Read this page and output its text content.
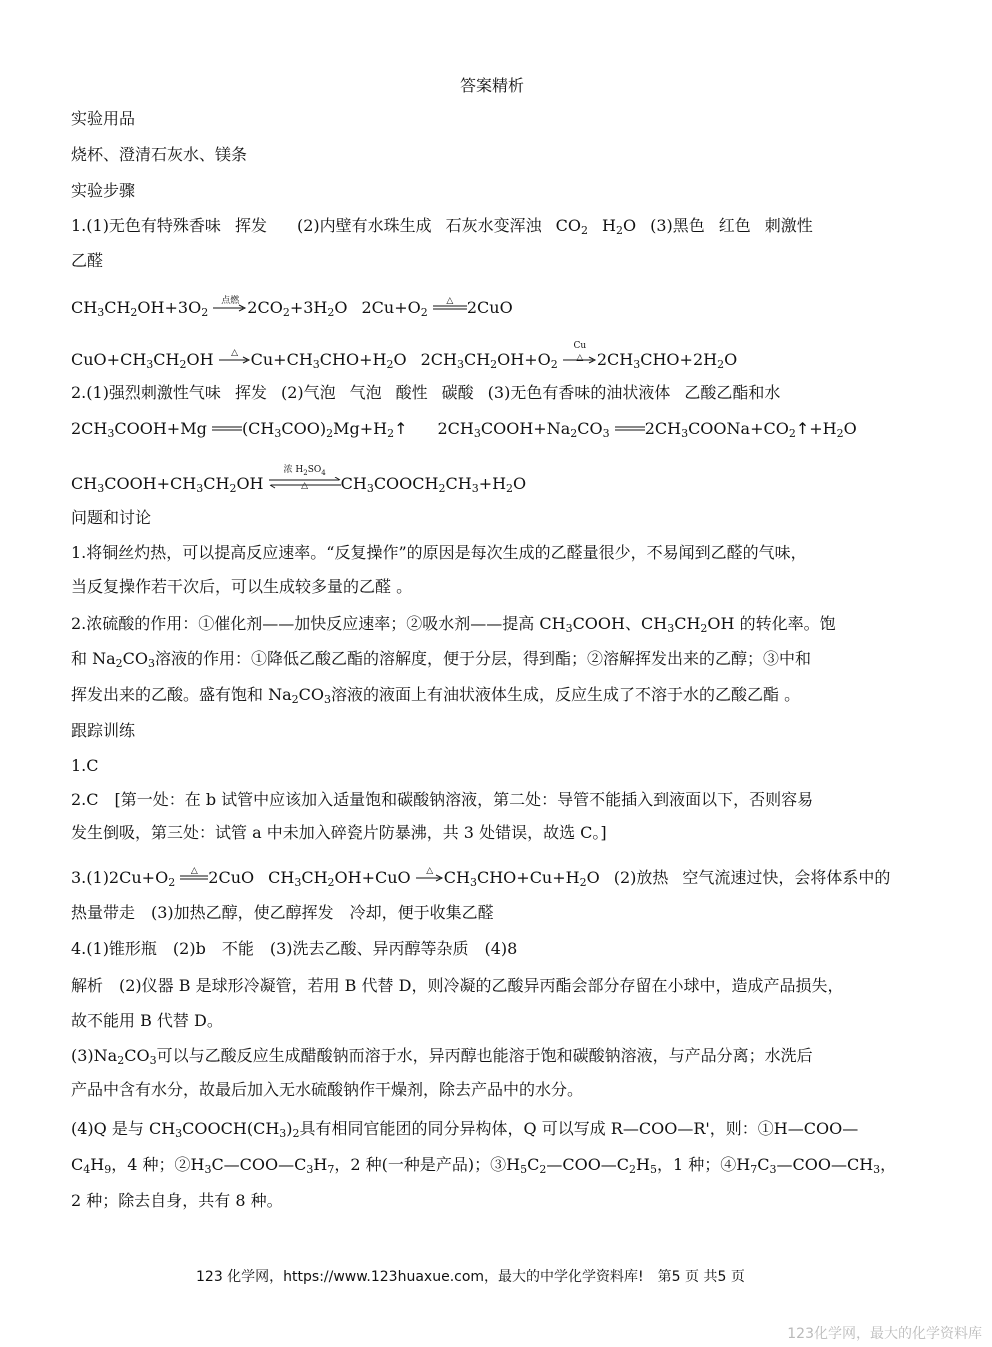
答案精析
实验用品
烧杯、澄清石灰水、镁条
实验步骤
1.(1)无色有特殊香味 挥发 (2)内壁有水珠生成 石灰水变浑浊 $CO_2$ $H_2O$ (3)黑色 红色 刺激性
乙醛
$CH_3CH_2OH+3O_2$
点燃 $2CO_2+3H_2O$ $2Cu+O_2$
△ 2CuO
$CuO+CH_3CH_2OH$	△ $Cu+CH_3CHO+H_2O$ $2CH_3CH_2OH+O_2$
Cu
△ $2CH_3CHO+2H_2O$
2.(1)强烈刺激性气味 挥发 (2)气泡 气泡 酸性 碳酸 (3)无色有香味的油状液体 乙酸乙酯和水
$2CH_3COOH+Mg$ $(CH_3COO)_2Mg+H_2↑$ $2CH_3COOH+Na_2CO_3$ $2CH_3COONa+CO_2↑+H_2O$
$CH_3COOH+CH_3CH_2OH$
浓 $H_2SO_4$
△	$CH_3COOCH_2CH_3+H_2O$
问题和讨论
1.将铜丝灼热，可以提高反应速率。“反复操作”的原因是每次生成的乙醛量很少，不易闻到乙醛的气味，
当反复操作若干次后，可以生成较多量的乙醛 。
2.浓硫酸的作用：①催化剂——加快反应速率；②吸水剂——提高 $CH_3COOH$、$CH_3CH_2OH$ 的转化率。饱
和 $Na_2CO_3$溶液的作用：①降低乙酸乙酯的溶解度，便于分层，得到酯；②溶解挥发出来的乙醇；③中和
挥发出来的乙酸。盛有饱和 $Na_2CO_3$溶液的液面上有油状液体生成，反应生成了不溶于水的乙酸乙酯 。
跟踪训练
1.C
2.C　[第一处：在 b 试管中应该加入适量饱和碳酸钠溶液，第二处：导管不能插入到液面以下，否则容易
发生倒吸，第三处：试管 a 中未加入碎瓷片防暴沸，共 3 处错误，故选 C。]
$3.(1)2Cu+O_2$
△ 2CuO $CH_3CH_2OH+CuO$	△ $CH_3CHO+Cu+H_2O$ (2)放热 空气流速过快，会将体系中的
热量带走　(3)加热乙醇，使乙醇挥发　冷却，便于收集乙醛
4.(1)锥形瓶　(2)b　不能　(3)洗去乙酸、异丙醇等杂质　(4)8
解析　(2)仪器 B 是球形冷凝管，若用 B 代替 D，则冷凝的乙酸异丙酯会部分存留在小球中，造成产品损失，
故不能用 B 代替 D。
$(3)Na_2CO_3$可以与乙酸反应生成醋酸钠而溶于水，异丙醇也能溶于饱和碳酸钠溶液，与产品分离；水洗后
产品中含有水分，故最后加入无水硫酸钠作干燥剂，除去产品中的水分。
(4)Q 是与 $CH_3COOCH(CH_3)_2$具有相同官能团的同分异构体，Q 可以写成 R—COO—R'，则：①H—COO—
$C_4H_9$，4 种；$②H_3C—COO—C_3H_7$，2 种(一种是产品)；$③H_5C_2—COO—C_2H_5$，1 种；$④H_7C_3—COO—CH_3$，
2 种；除去自身，共有 8 种。
123 化学网，https://www.123huaxue.com，最大的中学化学资料库!　第5 页 共5 页
123化学网，最大的化学资料库
